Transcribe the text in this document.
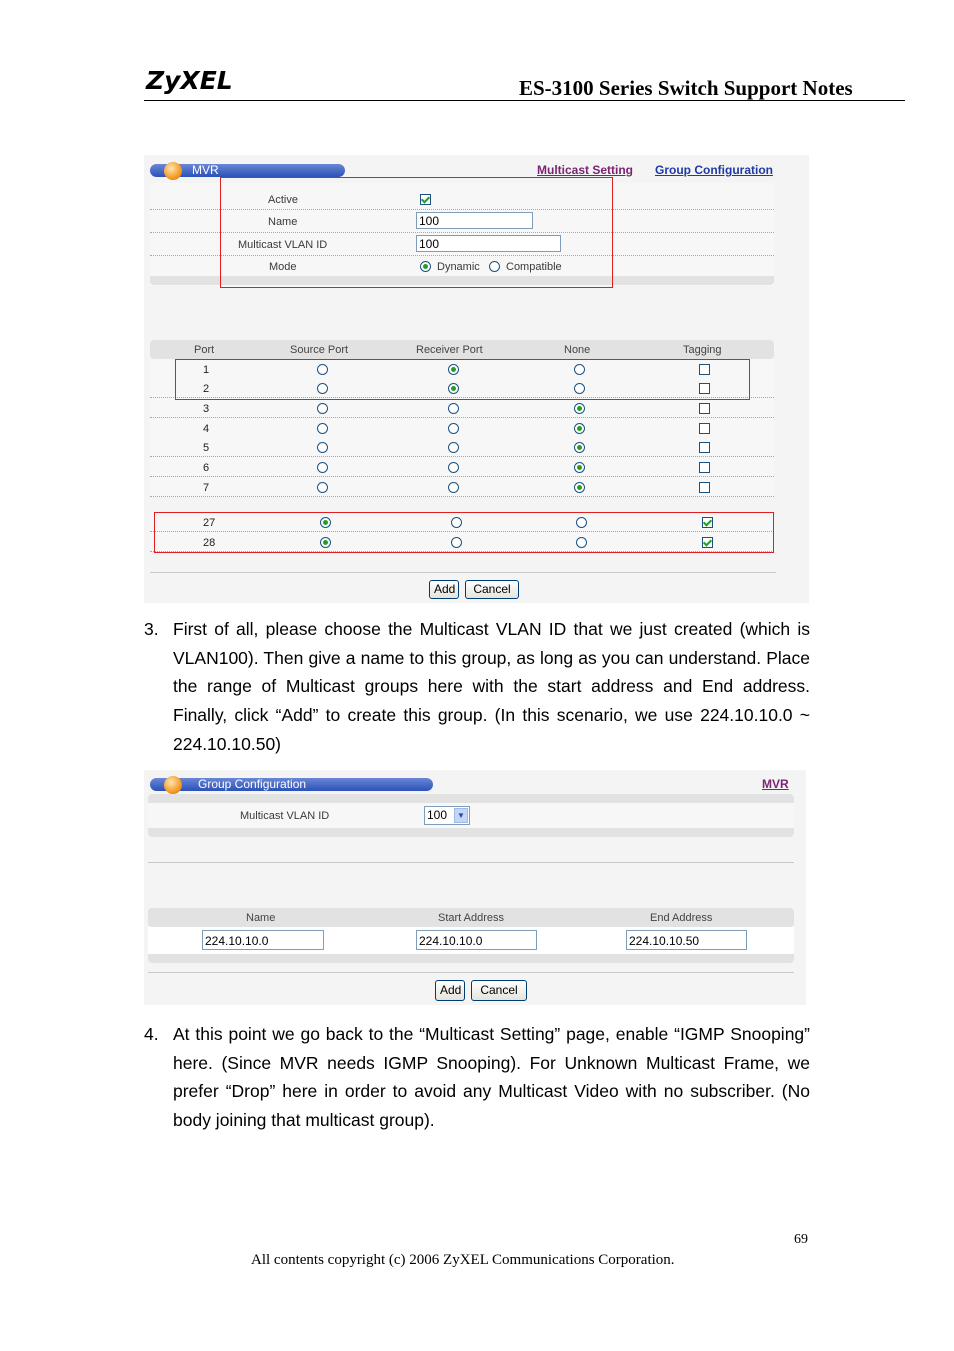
ZyXEL	ES-3100 Series Switch Support Notes
MVR	Multicast Setting Group Configuration
Active
Name	100
Multicast VLAN ID	100
Mode	Dynamic Compatible
Port	Source Port	Receiver Port	None	Tagging
1
2
3
4
5
6
7
27
28
Add	Cancel
3. First of all, please choose the Multicast VLAN ID that we just created (which is VLAN100). Then give a name to this group, as long as you can understand. Place the range of Multicast groups here with the start address and End address. Finally, click “Add” to create this group. (In this scenario, we use 224.10.10.0 ~ 224.10.10.50)
Group Configuration	MVR
Multicast VLAN ID	100	▼
Name	Start Address	End Address
224.10.10.0	224.10.10.0	224.10.10.50
Add	Cancel
4. At this point we go back to the “Multicast Setting” page, enable “IGMP Snooping” here. (Since MVR needs IGMP Snooping). For Unknown Multicast Frame, we prefer “Drop” here in order to avoid any Multicast Video with no subscriber. (No body joining that multicast group).
69
All contents copyright (c) 2006 ZyXEL Communications Corporation.
